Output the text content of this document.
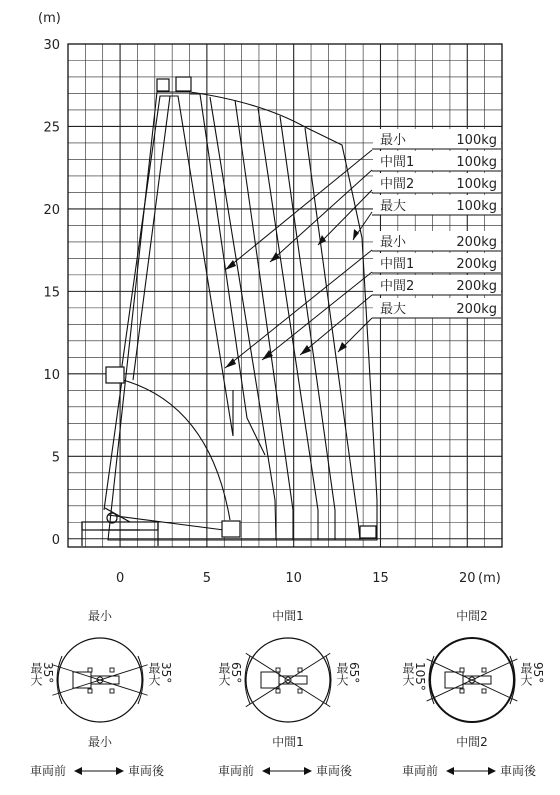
(m)
(m)
0
5
10
15
20
25
30
0	5	10	15	20
最小	100kg
中間1	100kg
中間2	100kg
最大	100kg
最小	200kg
中間1	200kg
中間2	200kg
最大	200kg
最小
最小
最大
35°	最大
35°
車両前	車両後
中間1
中間1
最大
65°	最大
65°
車両前	車両後
中間2
中間2
最大
105°	最大
95°
車両前	車両後
